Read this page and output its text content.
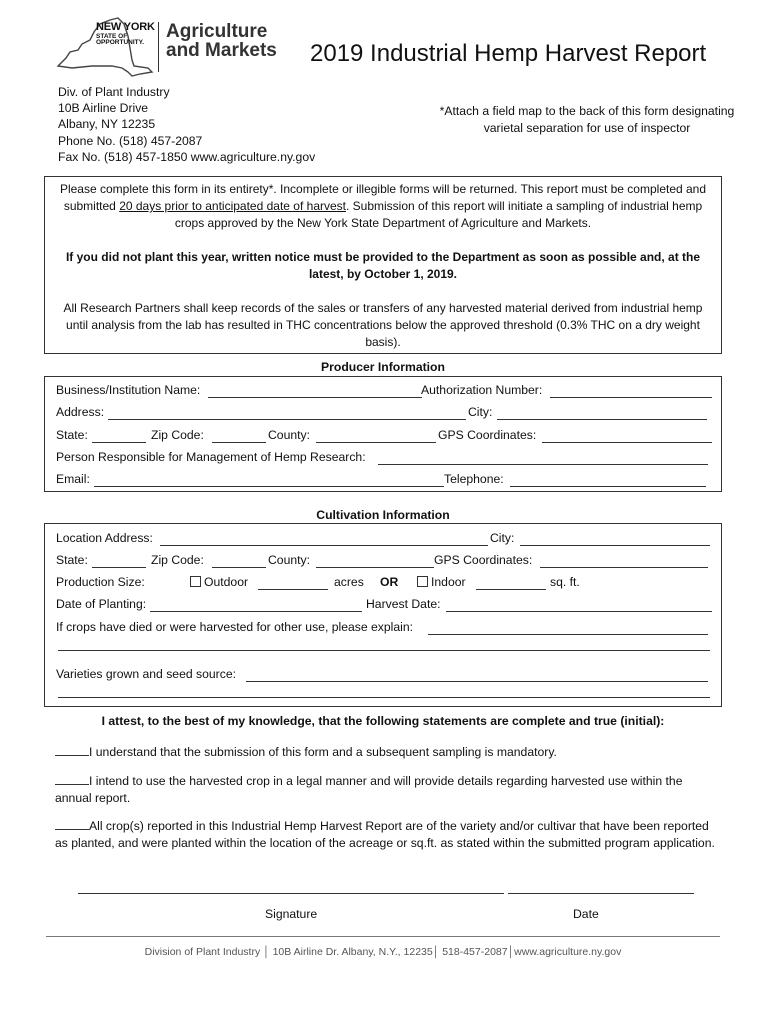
NEW YORK
STATE OF
OPPORTUNITY.
Agriculture
and Markets 2019 Industrial Hemp Harvest Report
Div. of Plant Industry
10B Airline Drive
Albany, NY 12235
Phone No. (518) 457-2087
Fax No. (518) 457-1850 www.agriculture.ny.gov
*Attach a field map to the back of this form designating
varietal separation for use of inspector

Please complete this form in its entirety*. Incomplete or illegible forms will be returned. This report must be completed and submitted 20 days prior to anticipated date of harvest. Submission of this report will initiate a sampling of industrial hemp crops approved by the New York State Department of Agriculture and Markets.

If you did not plant this year, written notice must be provided to the Department as soon as possible and, at the latest, by October 1, 2019.

All Research Partners shall keep records of the sales or transfers of any harvested material derived from industrial hemp until analysis from the lab has resulted in THC concentrations below the approved threshold (0.3% THC on a dry weight basis).

Producer Information
Business/Institution Name:	Authorization Number:
Address:	City:
State:	Zip Code:	County:	GPS Coordinates:
Person Responsible for Management of Hemp Research:
Email:	Telephone:
Cultivation Information
Location Address:	City:
State:	Zip Code:	County:	GPS Coordinates:
Production Size:	Outdoor	acres OR	Indoor	sq. ft.
Date of Planting:	Harvest Date:
If crops have died or were harvested for other use, please explain:
Varieties grown and seed source:
I attest, to the best of my knowledge, that the following statements are complete and true (initial):
I understand that the submission of this form and a subsequent sampling is mandatory.
I intend to use the harvested crop in a legal manner and will provide details regarding harvested use within the annual report.
All crop(s) reported in this Industrial Hemp Harvest Report are of the variety and/or cultivar that have been reported as planted, and were planted within the location of the acreage or sq.ft. as stated within the submitted program application.
Signature	Date
Division of Plant Industry │ 10B Airline Dr. Albany, N.Y., 12235│ 518-457-2087│www.agriculture.ny.gov
